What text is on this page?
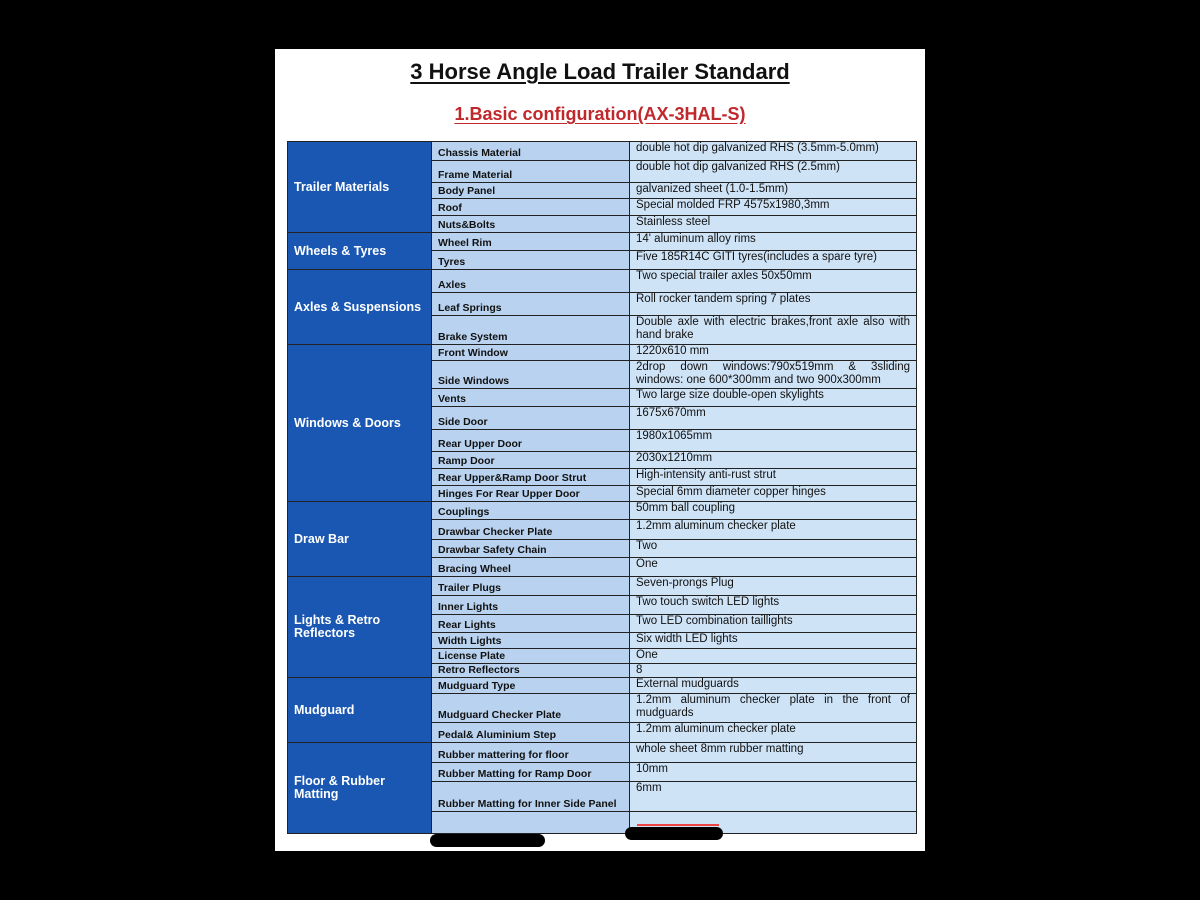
3 Horse Angle Load Trailer Standard
1.Basic configuration(AX-3HAL-S)
Trailer Materials	Chassis Material	double hot dip galvanized RHS (3.5mm-5.0mm)
	Frame Material	double hot dip galvanized RHS (2.5mm)
	Body Panel	galvanized sheet (1.0-1.5mm)
	Roof	Special molded FRP 4575x1980,3mm
	Nuts&Bolts	Stainless steel
Wheels & Tyres	Wheel Rim	14' aluminum alloy rims
	Tyres	Five 185R14C GITI tyres(includes a spare tyre)
Axles & Suspensions	Axles	Two special trailer axles 50x50mm
	Leaf Springs	Roll rocker tandem spring 7 plates
	Brake System	Double axle with electric brakes,front axle also with hand brake
Windows & Doors	Front Window	1220x610 mm
	Side Windows	2drop down windows:790x519mm & 3sliding windows: one 600*300mm and two 900x300mm
	Vents	Two large size double-open skylights
	Side Door	1675x670mm
	Rear Upper Door	1980x1065mm
	Ramp Door	2030x1210mm
	Rear Upper&Ramp Door Strut	High-intensity anti-rust strut
	Hinges For Rear Upper Door	Special 6mm diameter copper hinges
Draw Bar	Couplings	50mm ball coupling
	Drawbar Checker Plate	1.2mm aluminum checker plate
	Drawbar Safety Chain	Two
	Bracing Wheel	One
Lights & Retro Reflectors	Trailer Plugs	Seven-prongs Plug
	Inner Lights	Two touch switch LED lights
	Rear Lights	Two LED combination taillights
	Width Lights	Six width LED lights
	License Plate	One
	Retro Reflectors	8
Mudguard	Mudguard Type	External mudguards
	Mudguard Checker Plate	1.2mm aluminum checker plate in the front of mudguards
	Pedal& Aluminium Step	1.2mm aluminum checker plate
Floor & Rubber Matting	Rubber mattering for floor	whole sheet 8mm rubber matting
	Rubber Matting for Ramp Door	10mm
	Rubber Matting for Inner Side Panel	6mm
